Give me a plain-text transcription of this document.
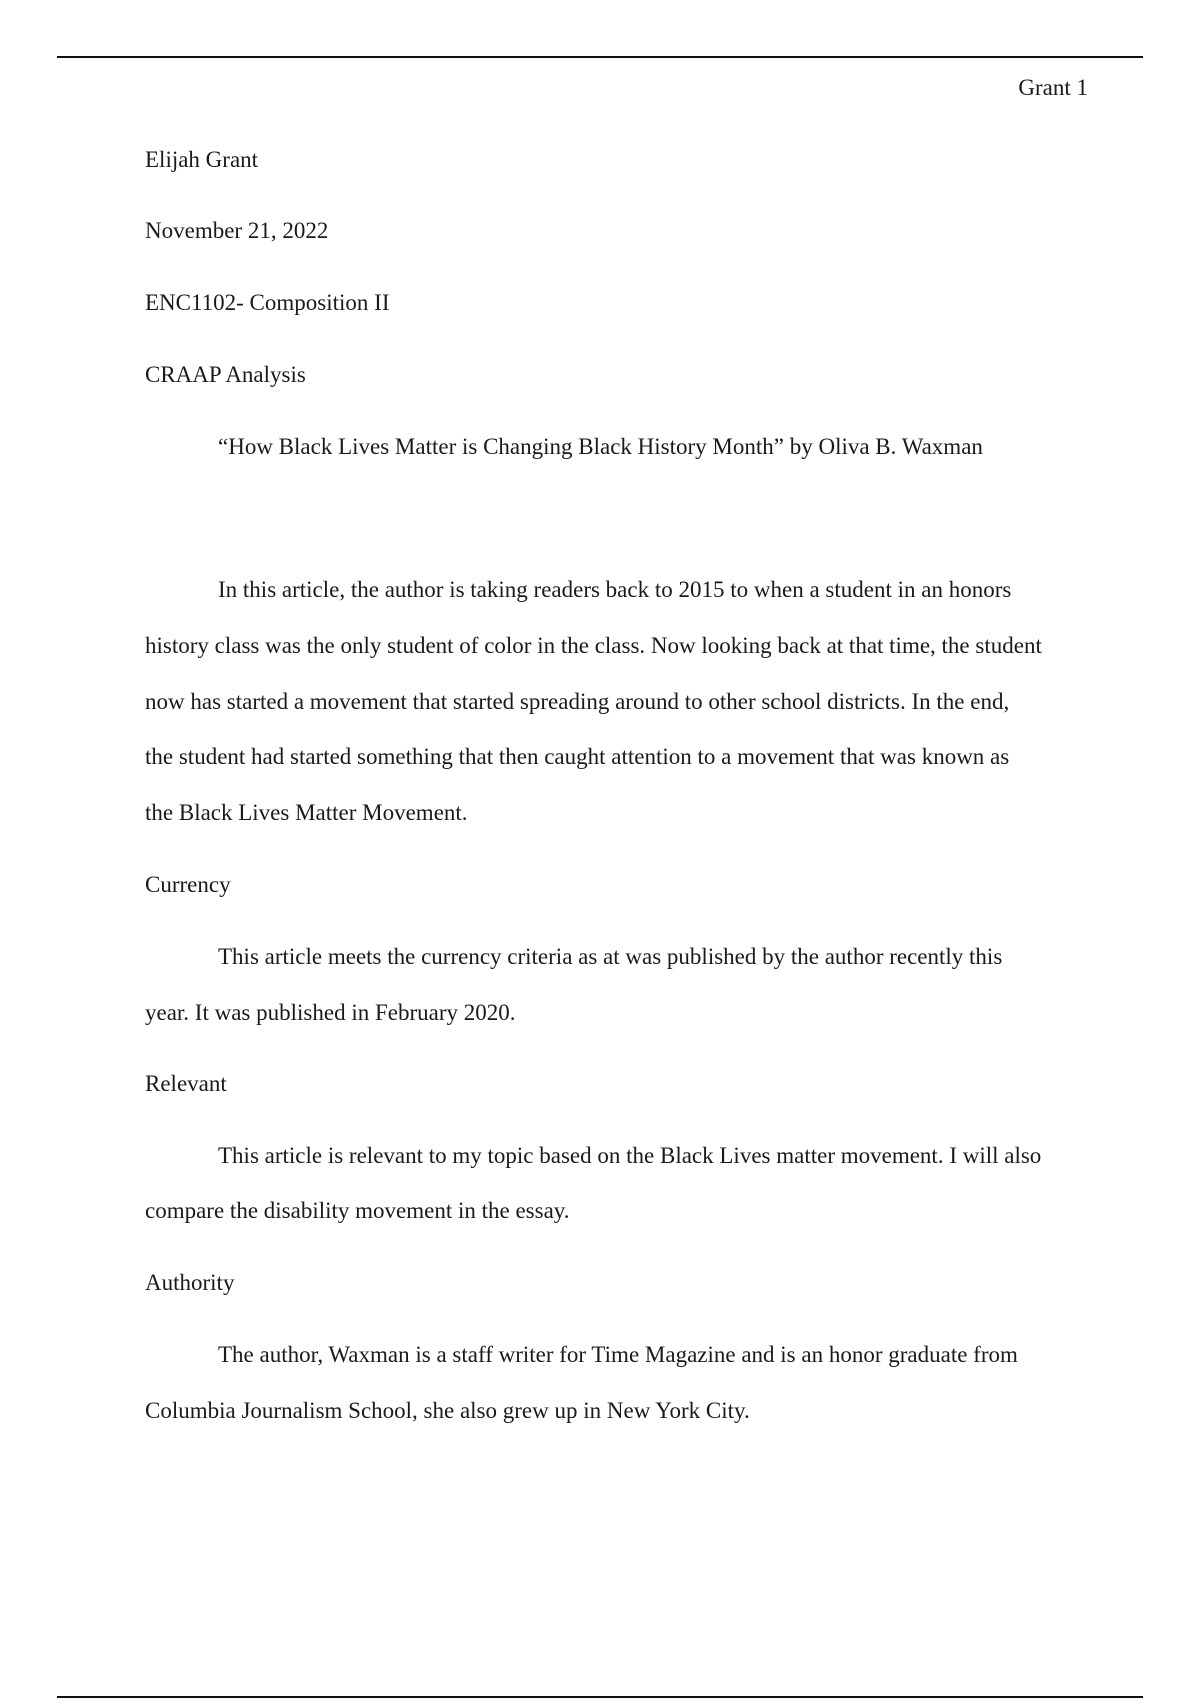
Grant 1
Elijah Grant
November 21, 2022
ENC1102- Composition II
CRAAP Analysis
“How Black Lives Matter is Changing Black History Month” by Oliva B. Waxman
In this article, the author is taking readers back to 2015 to when a student in an honors
history class was the only student of color in the class. Now looking back at that time, the student
now has started a movement that started spreading around to other school districts. In the end,
the student had started something that then caught attention to a movement that was known as
the Black Lives Matter Movement.
Currency
This article meets the currency criteria as at was published by the author recently this
year. It was published in February 2020.
Relevant
This article is relevant to my topic based on the Black Lives matter movement. I will also
compare the disability movement in the essay.
Authority
The author, Waxman is a staff writer for Time Magazine and is an honor graduate from
Columbia Journalism School, she also grew up in New York City.
